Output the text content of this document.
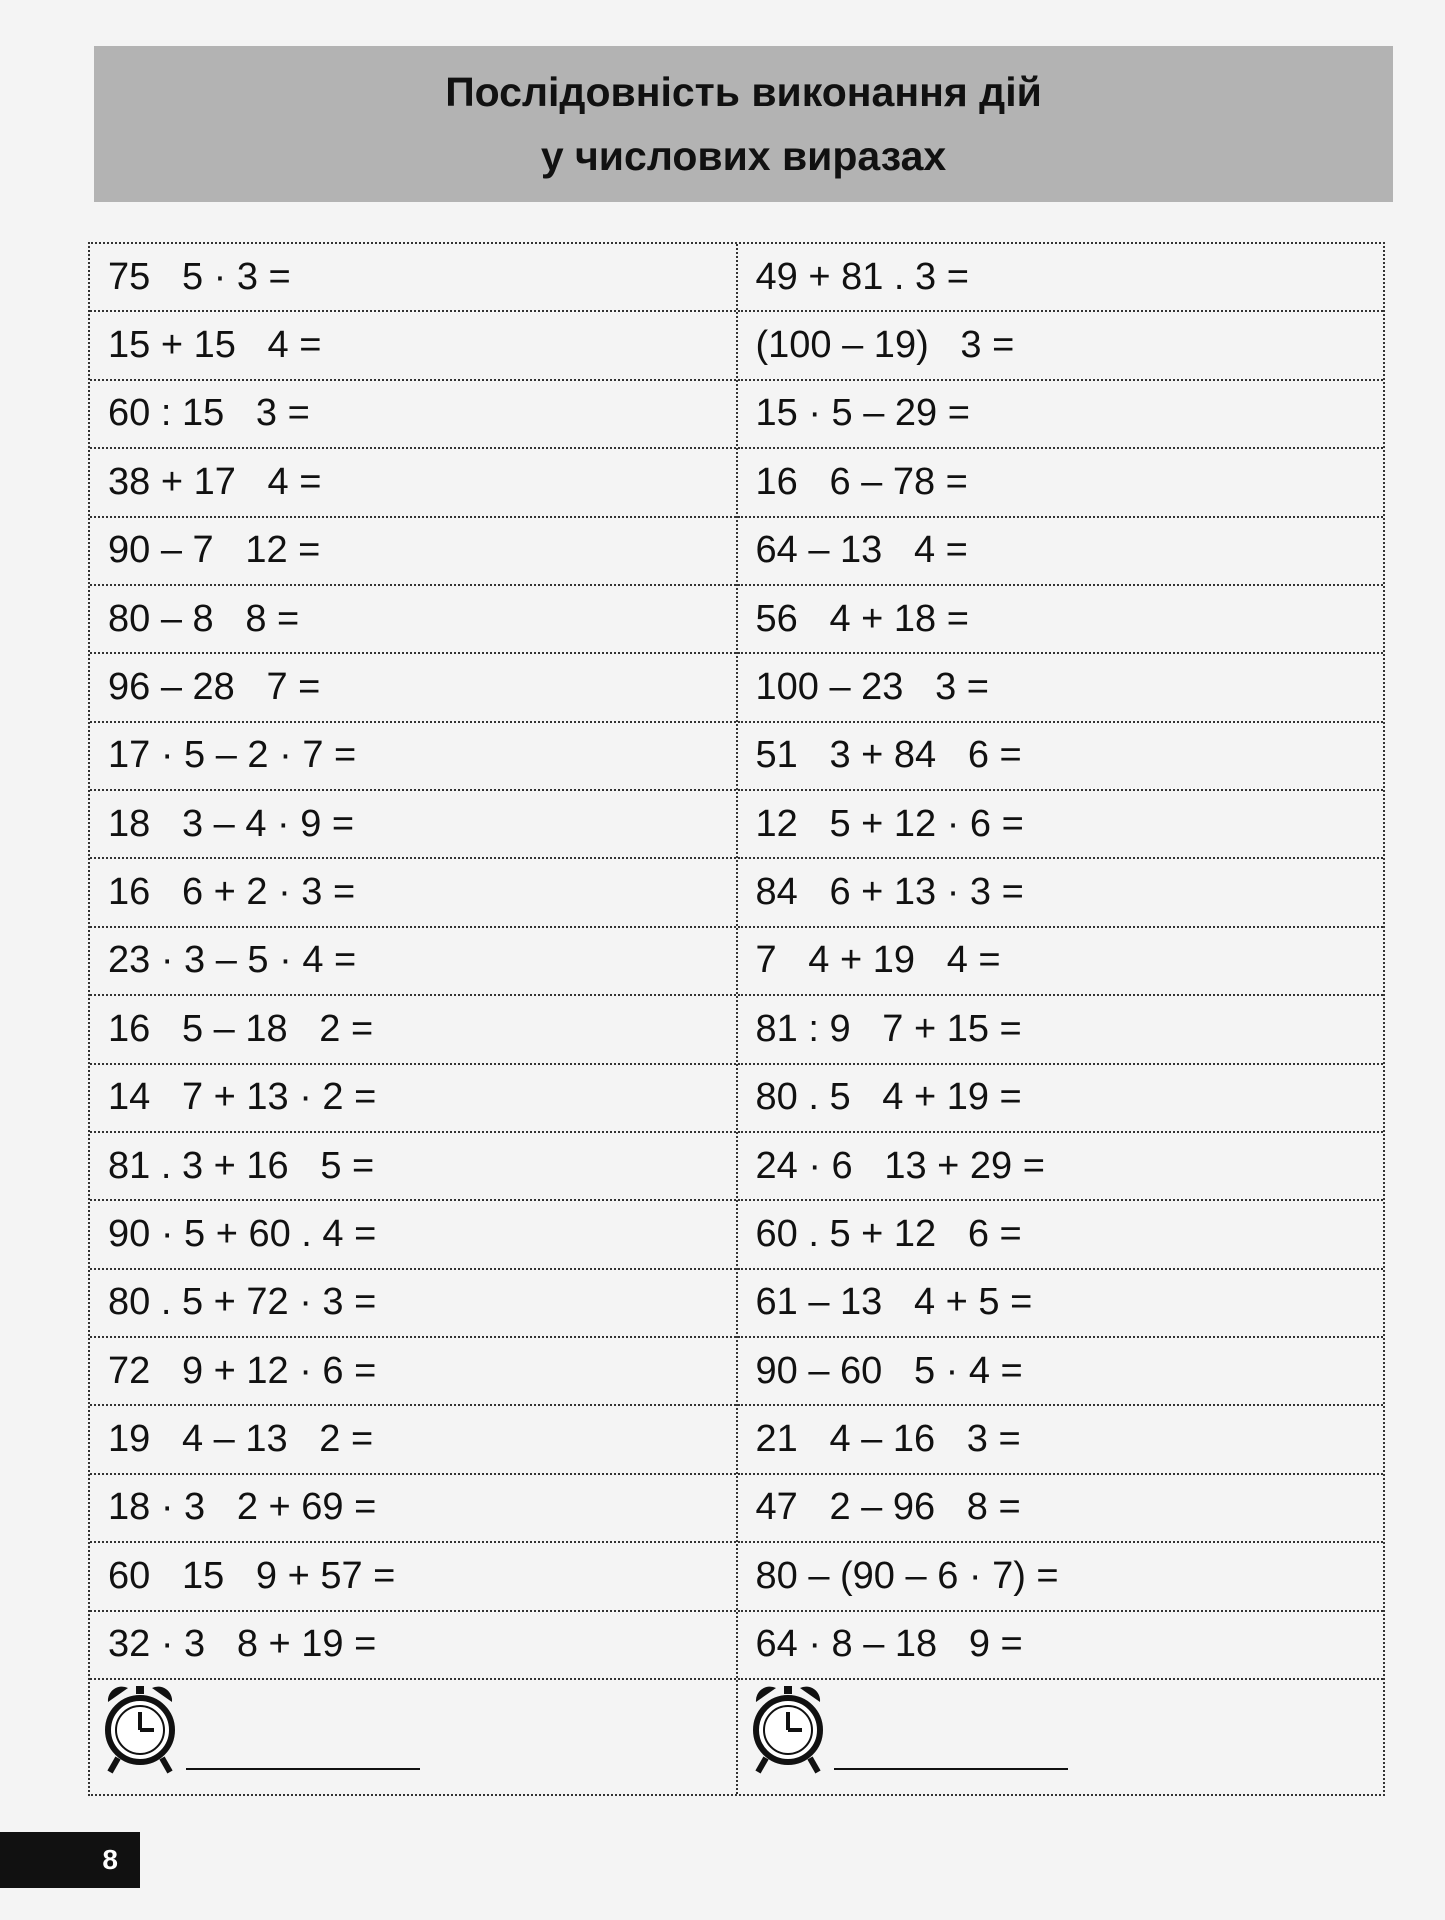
Послідовність виконання дій
у числових виразах
75   5 · 3 =
15 + 15   4 =
60 : 15   3 =
38 + 17   4 =
90 – 7   12 =
80 – 8   8 =
96 – 28   7 =
17 · 5 – 2 · 7 =
18   3 – 4 · 9 =
16   6 + 2 · 3 =
23 · 3 – 5 · 4 =
16   5 – 18   2 =
14   7 + 13 · 2 =
81 . 3 + 16   5 =
90 · 5 + 60 . 4 =
80 . 5 + 72 · 3 =
72   9 + 12 · 6 =
19   4 – 13   2 =
18 · 3   2 + 69 =
60   15   9 + 57 =
32 · 3   8 + 19 =
49 + 81 . 3 =
(100 – 19)   3 =
15 · 5 – 29 =
16   6 – 78 =
64 – 13   4 =
56   4 + 18 =
100 – 23   3 =
51   3 + 84   6 =
12   5 + 12 · 6 =
84   6 + 13 · 3 =
7   4 + 19   4 =
81 : 9   7 + 15 =
80 . 5   4 + 19 =
24 · 6   13 + 29 =
60 . 5 + 12   6 =
61 – 13   4 + 5 =
90 – 60   5 · 4 =
21   4 – 16   3 =
47   2 – 96   8 =
80 – (90 – 6 · 7) =
64 · 8 – 18   9 =
8
